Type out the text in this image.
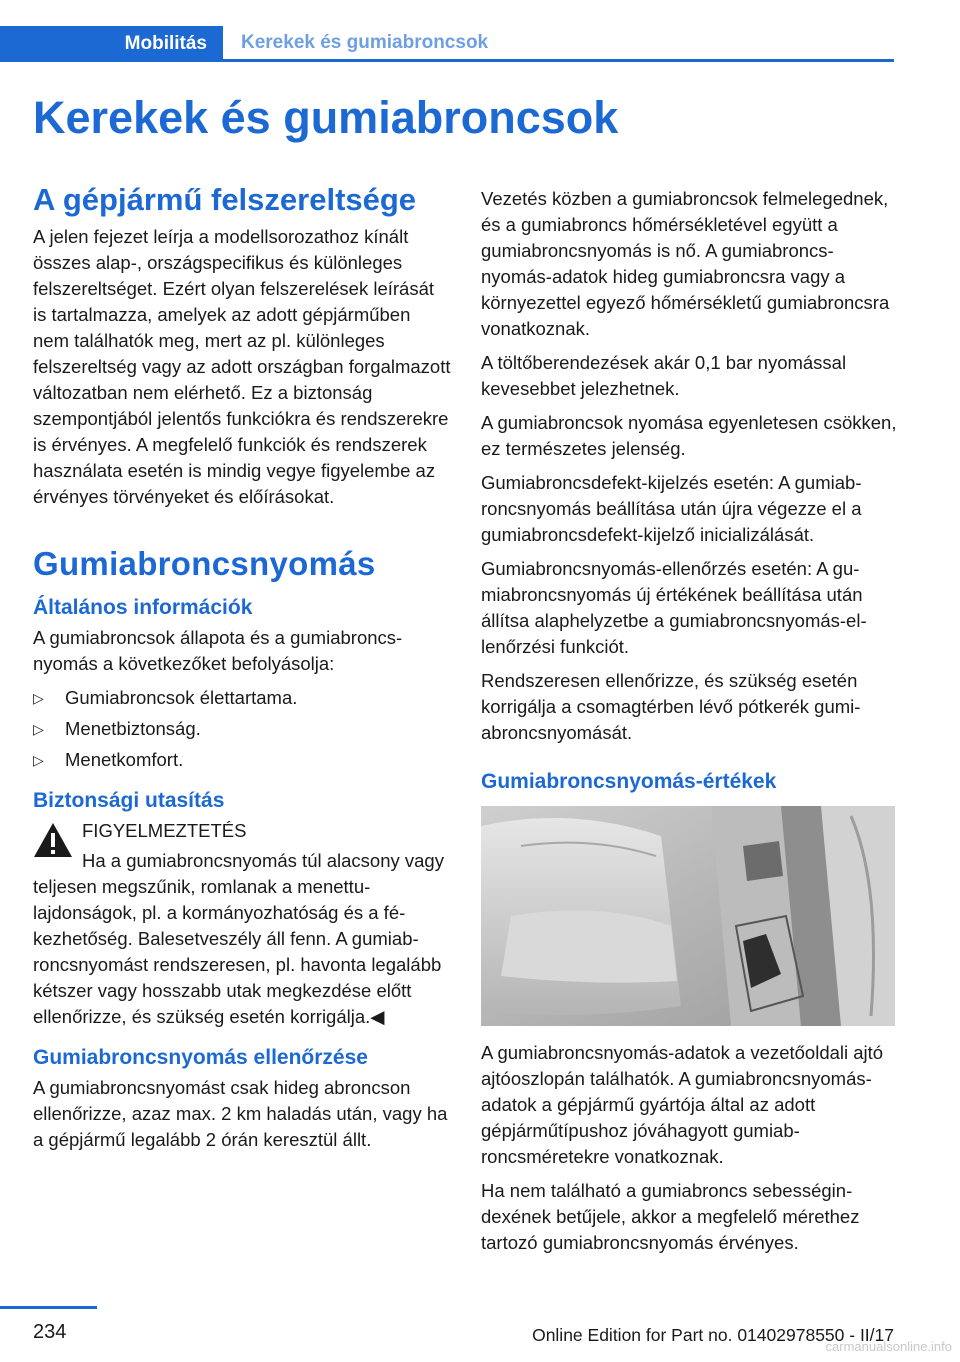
Mobilitás	Kerekek és gumiabroncsok
Kerekek és gumiabroncsok
A gépjármű felszereltsége

A jelen fejezet leírja a modellsorozathoz kínált összes alap-, országspecifikus és különleges felszereltséget. Ezért olyan felszerelések leírását is tartalmazza, amelyek az adott gépjárműben nem találhatók meg, mert az pl. különleges felszereltség vagy az adott országban forgalmazott változatban nem elérhető. Ez a biztonság szempontjából jelentős funkciókra és rendszerekre is érvényes. A megfelelő funkciók és rendszerek használata esetén is mindig vegye figyelembe az érvényes törvényeket és előírásokat.

Gumiabroncsnyomás
Általános információk

A gumiabroncsok állapota és a gumiabroncsnyomás a következőket befolyásolja:

▷ Gumiabroncsok élettartama.
▷ Menetbiztonság.
▷ Menetkomfort.
Biztonsági utasítás

FIGYELMEZTETÉS

Ha a gumiabroncsnyomás túl alacsony vagy teljesen megszűnik, romlanak a menettulajdonságok, pl. a kormányozhatóság és a fékezhetőség. Balesetveszély áll fenn. A gumiabroncsnyomást rendszeresen, pl. havonta legalább kétszer vagy hosszabb utak megkezdése előtt ellenőrizze, és szükség esetén korrigálja.◀

Gumiabroncsnyomás ellenőrzése

A gumiabroncsnyomást csak hideg abroncson ellenőrizze, azaz max. 2 km haladás után, vagy ha a gépjármű legalább 2 órán keresztül állt.

Vezetés közben a gumiabroncsok felmelegednek, és a gumiabroncs hőmérsékletével együtt a gumiabroncsnyomás is nő. A gumiabroncsnyomás-adatok hideg gumiabroncsra vagy a környezettel egyező hőmérsékletű gumiabroncsra vonatkoznak.

A töltőberendezések akár 0,1 bar nyomással kevesebbet jelezhetnek.

A gumiabroncsok nyomása egyenletesen csökken, ez természetes jelenség.

Gumiabroncsdefekt-kijelzés esetén: A gumiabroncsnyomás beállítása után újra végezze el a gumiabroncsdefekt-kijelző inicializálását.

Gumiabroncsnyomás-ellenőrzés esetén: A gumiabroncsnyomás új értékének beállítása után állítsa alaphelyzetbe a gumiabroncsnyomás-ellenőrzési funkciót.

Rendszeresen ellenőrizze, és szükség esetén korrigálja a csomagtérben lévő pótkerék gumiabroncsnyomását.

Gumiabroncsnyomás-értékek

A gumiabroncsnyomás-adatok a vezetőoldali ajtó ajtóoszlopán találhatók. A gumiabroncsnyomás-adatok a gépjármű gyártója által az adott gépjárműtípushoz jóváhagyott gumiabroncsméretekre vonatkoznak.

Ha nem található a gumiabroncs sebességindexének betűjele, akkor a megfelelő mérethez tartozó gumiabroncsnyomás érvényes.

234	Online Edition for Part no. 01402978550 - II/17
carmanualsonline.info
